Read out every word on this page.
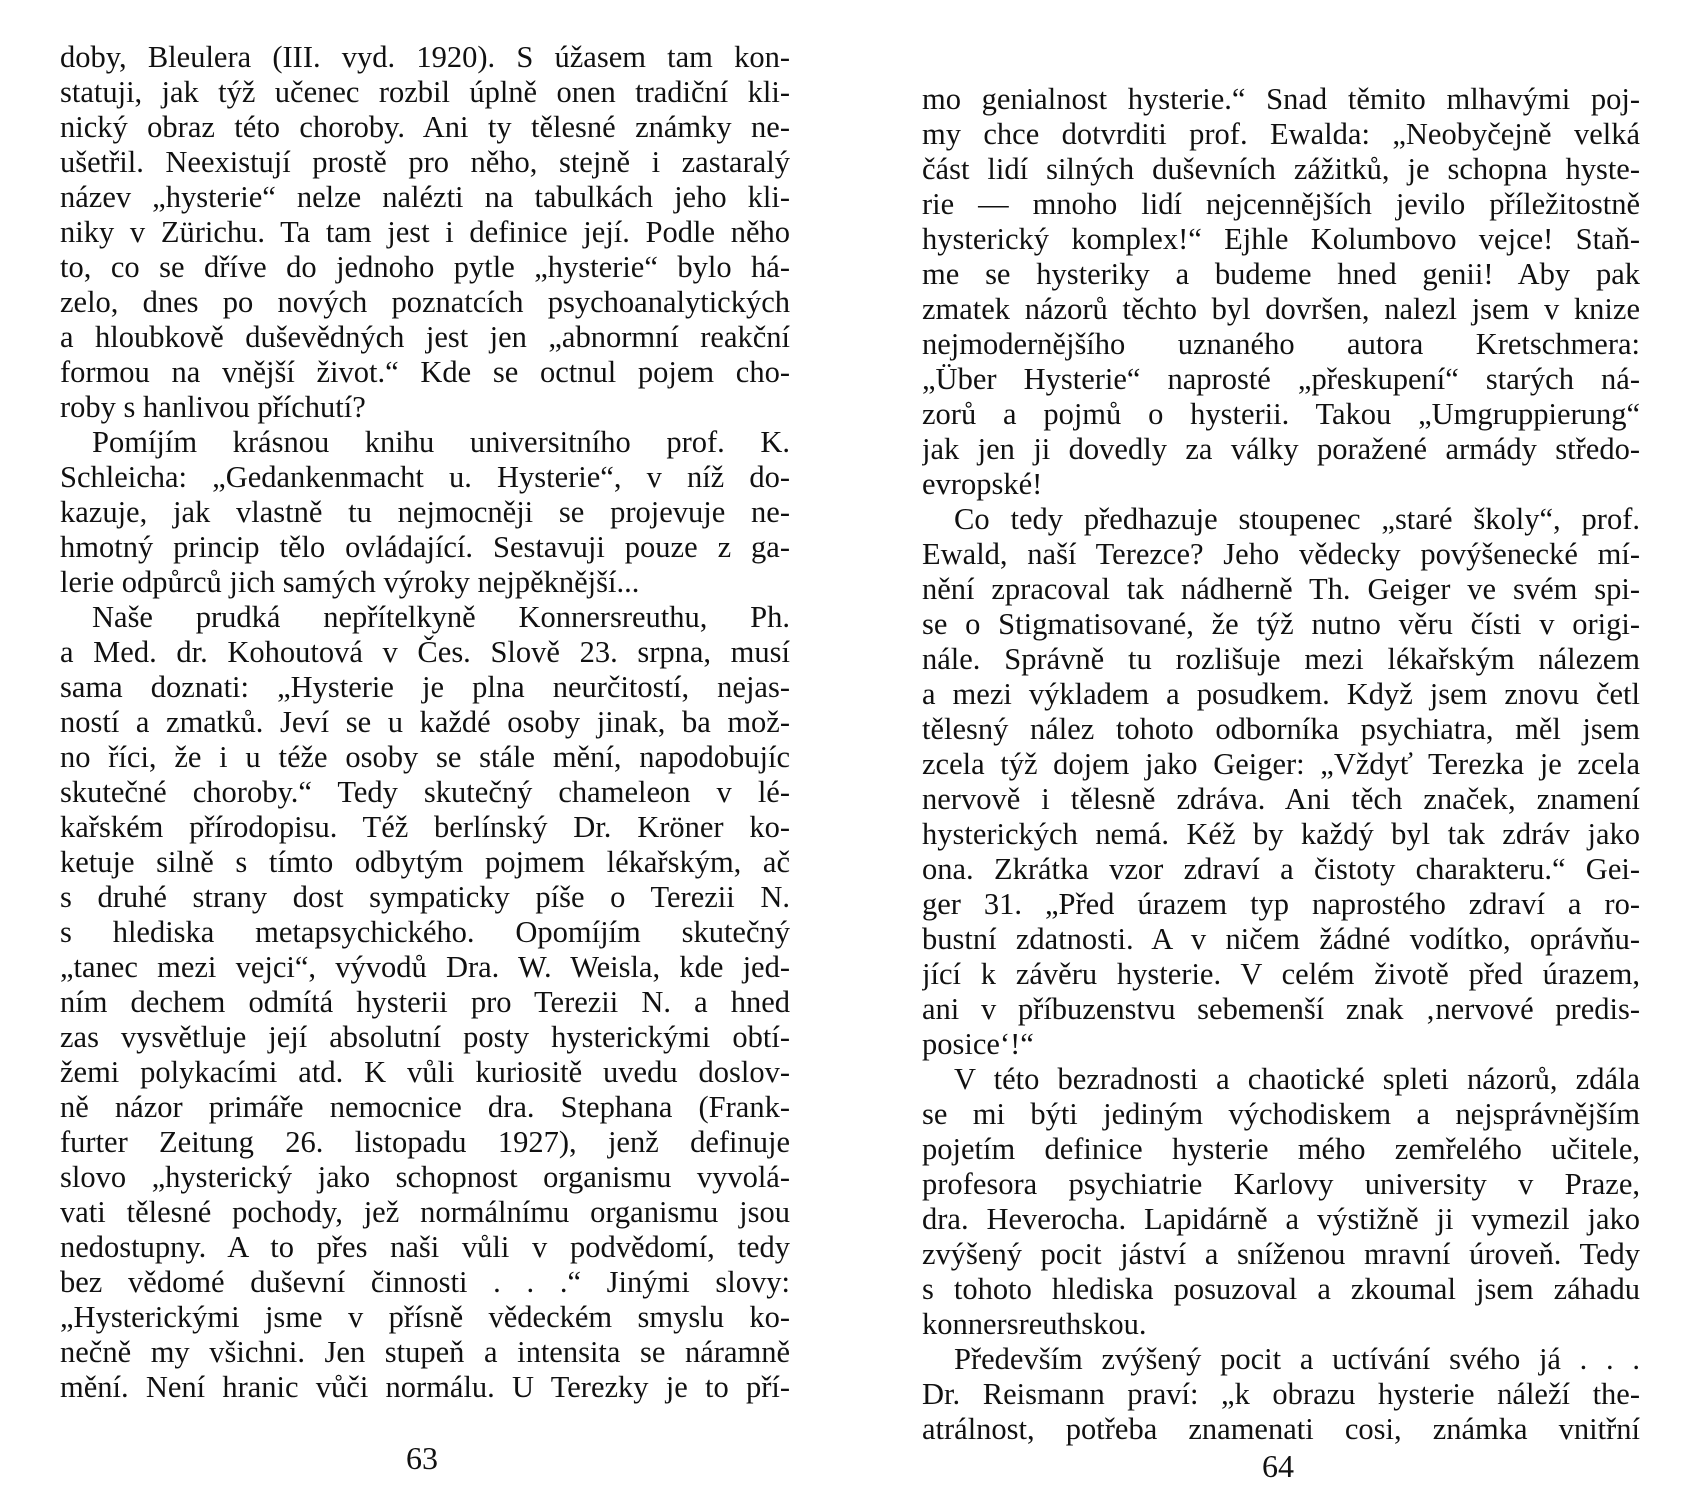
doby, Bleulera (III. vyd. 1920). S úžasem tam kon-
statuji, jak týž učenec rozbil úplně onen tradiční kli-
nický obraz této choroby. Ani ty tělesné známky ne-
ušetřil. Neexistují prostě pro něho, stejně i zastaralý
název „hysterie“ nelze nalézti na tabulkách jeho kli-
niky v Zürichu. Ta tam jest i definice její. Podle něho
to, co se dříve do jednoho pytle „hysterie“ bylo há-
zelo, dnes po nových poznatcích psychoanalytických
a hloubkově duševědných jest jen „abnormní reakční
formou na vnější život.“ Kde se octnul pojem cho-
roby s hanlivou příchutí?
Pomíjím krásnou knihu universitního prof. K.
Schleicha: „Gedankenmacht u. Hysterie“, v níž do-
kazuje, jak vlastně tu nejmocněji se projevuje ne-
hmotný princip tělo ovládající. Sestavuji pouze z ga-
lerie odpůrců jich samých výroky nejpěknější...
Naše prudká nepřítelkyně Konnersreuthu, Ph.
a Med. dr. Kohoutová v Čes. Slově 23. srpna, musí
sama doznati: „Hysterie je plna neurčitostí, nejas-
ností a zmatků. Jeví se u každé osoby jinak, ba mož-
no říci, že i u téže osoby se stále mění, napodobujíc
skutečné choroby.“ Tedy skutečný chameleon v lé-
kařském přírodopisu. Též berlínský Dr. Kröner ko-
ketuje silně s tímto odbytým pojmem lékařským, ač
s druhé strany dost sympaticky píše o Terezii N.
s hlediska metapsychického. Opomíjím skutečný
„tanec mezi vejci“, vývodů Dra. W. Weisla, kde jed-
ním dechem odmítá hysterii pro Terezii N. a hned
zas vysvětluje její absolutní posty hysterickými obtí-
žemi polykacími atd. K vůli kuriositě uvedu doslov-
ně názor primáře nemocnice dra. Stephana (Frank-
furter Zeitung 26. listopadu 1927), jenž definuje
slovo „hysterický jako schopnost organismu vyvolá-
vati tělesné pochody, jež normálnímu organismu jsou
nedostupny. A to přes naši vůli v podvědomí, tedy
bez vědomé duševní činnosti . . .“ Jinými slovy:
„Hysterickými jsme v přísně vědeckém smyslu ko-
nečně my všichni. Jen stupeň a intensita se náramně
mění. Není hranic vůči normálu. U Terezky je to pří-
63
mo genialnost hysterie.“ Snad těmito mlhavými poj-
my chce dotvrditi prof. Ewalda: „Neobyčejně velká
část lidí silných duševních zážitků, je schopna hyste-
rie — mnoho lidí nejcennějších jevilo příležitostně
hysterický komplex!“ Ejhle Kolumbovo vejce! Staň-
me se hysteriky a budeme hned genii! Aby pak
zmatek názorů těchto byl dovršen, nalezl jsem v knize
nejmodernějšího uznaného autora Kretschmera:
„Über Hysterie“ naprosté „přeskupení“ starých ná-
zorů a pojmů o hysterii. Takou „Umgruppierung“
jak jen ji dovedly za války poražené armády středo-
evropské!
Co tedy předhazuje stoupenec „staré školy“, prof.
Ewald, naší Terezce? Jeho vědecky povýšenecké mí-
nění zpracoval tak nádherně Th. Geiger ve svém spi-
se o Stigmatisované, že týž nutno věru čísti v origi-
nále. Správně tu rozlišuje mezi lékařským nálezem
a mezi výkladem a posudkem. Když jsem znovu četl
tělesný nález tohoto odborníka psychiatra, měl jsem
zcela týž dojem jako Geiger: „Vždyť Terezka je zcela
nervově i tělesně zdráva. Ani těch značek, znamení
hysterických nemá. Kéž by každý byl tak zdráv jako
ona. Zkrátka vzor zdraví a čistoty charakteru.“ Gei-
ger 31. „Před úrazem typ naprostého zdraví a ro-
bustní zdatnosti. A v ničem žádné vodítko, oprávňu-
jící k závěru hysterie. V celém životě před úrazem,
ani v příbuzenstvu sebemenší znak ‚nervové predis-
posice‘!“
V této bezradnosti a chaotické spleti názorů, zdála
se mi býti jediným východiskem a nejsprávnějším
pojetím definice hysterie mého zemřelého učitele,
profesora psychiatrie Karlovy university v Praze,
dra. Heverocha. Lapidárně a výstižně ji vymezil jako
zvýšený pocit jáství a sníženou mravní úroveň. Tedy
s tohoto hlediska posuzoval a zkoumal jsem záhadu
konnersreuthskou.
Především zvýšený pocit a uctívání svého já . . .
Dr. Reismann praví: „k obrazu hysterie náleží the-
atrálnost, potřeba znamenati cosi, známka vnitřní
64
